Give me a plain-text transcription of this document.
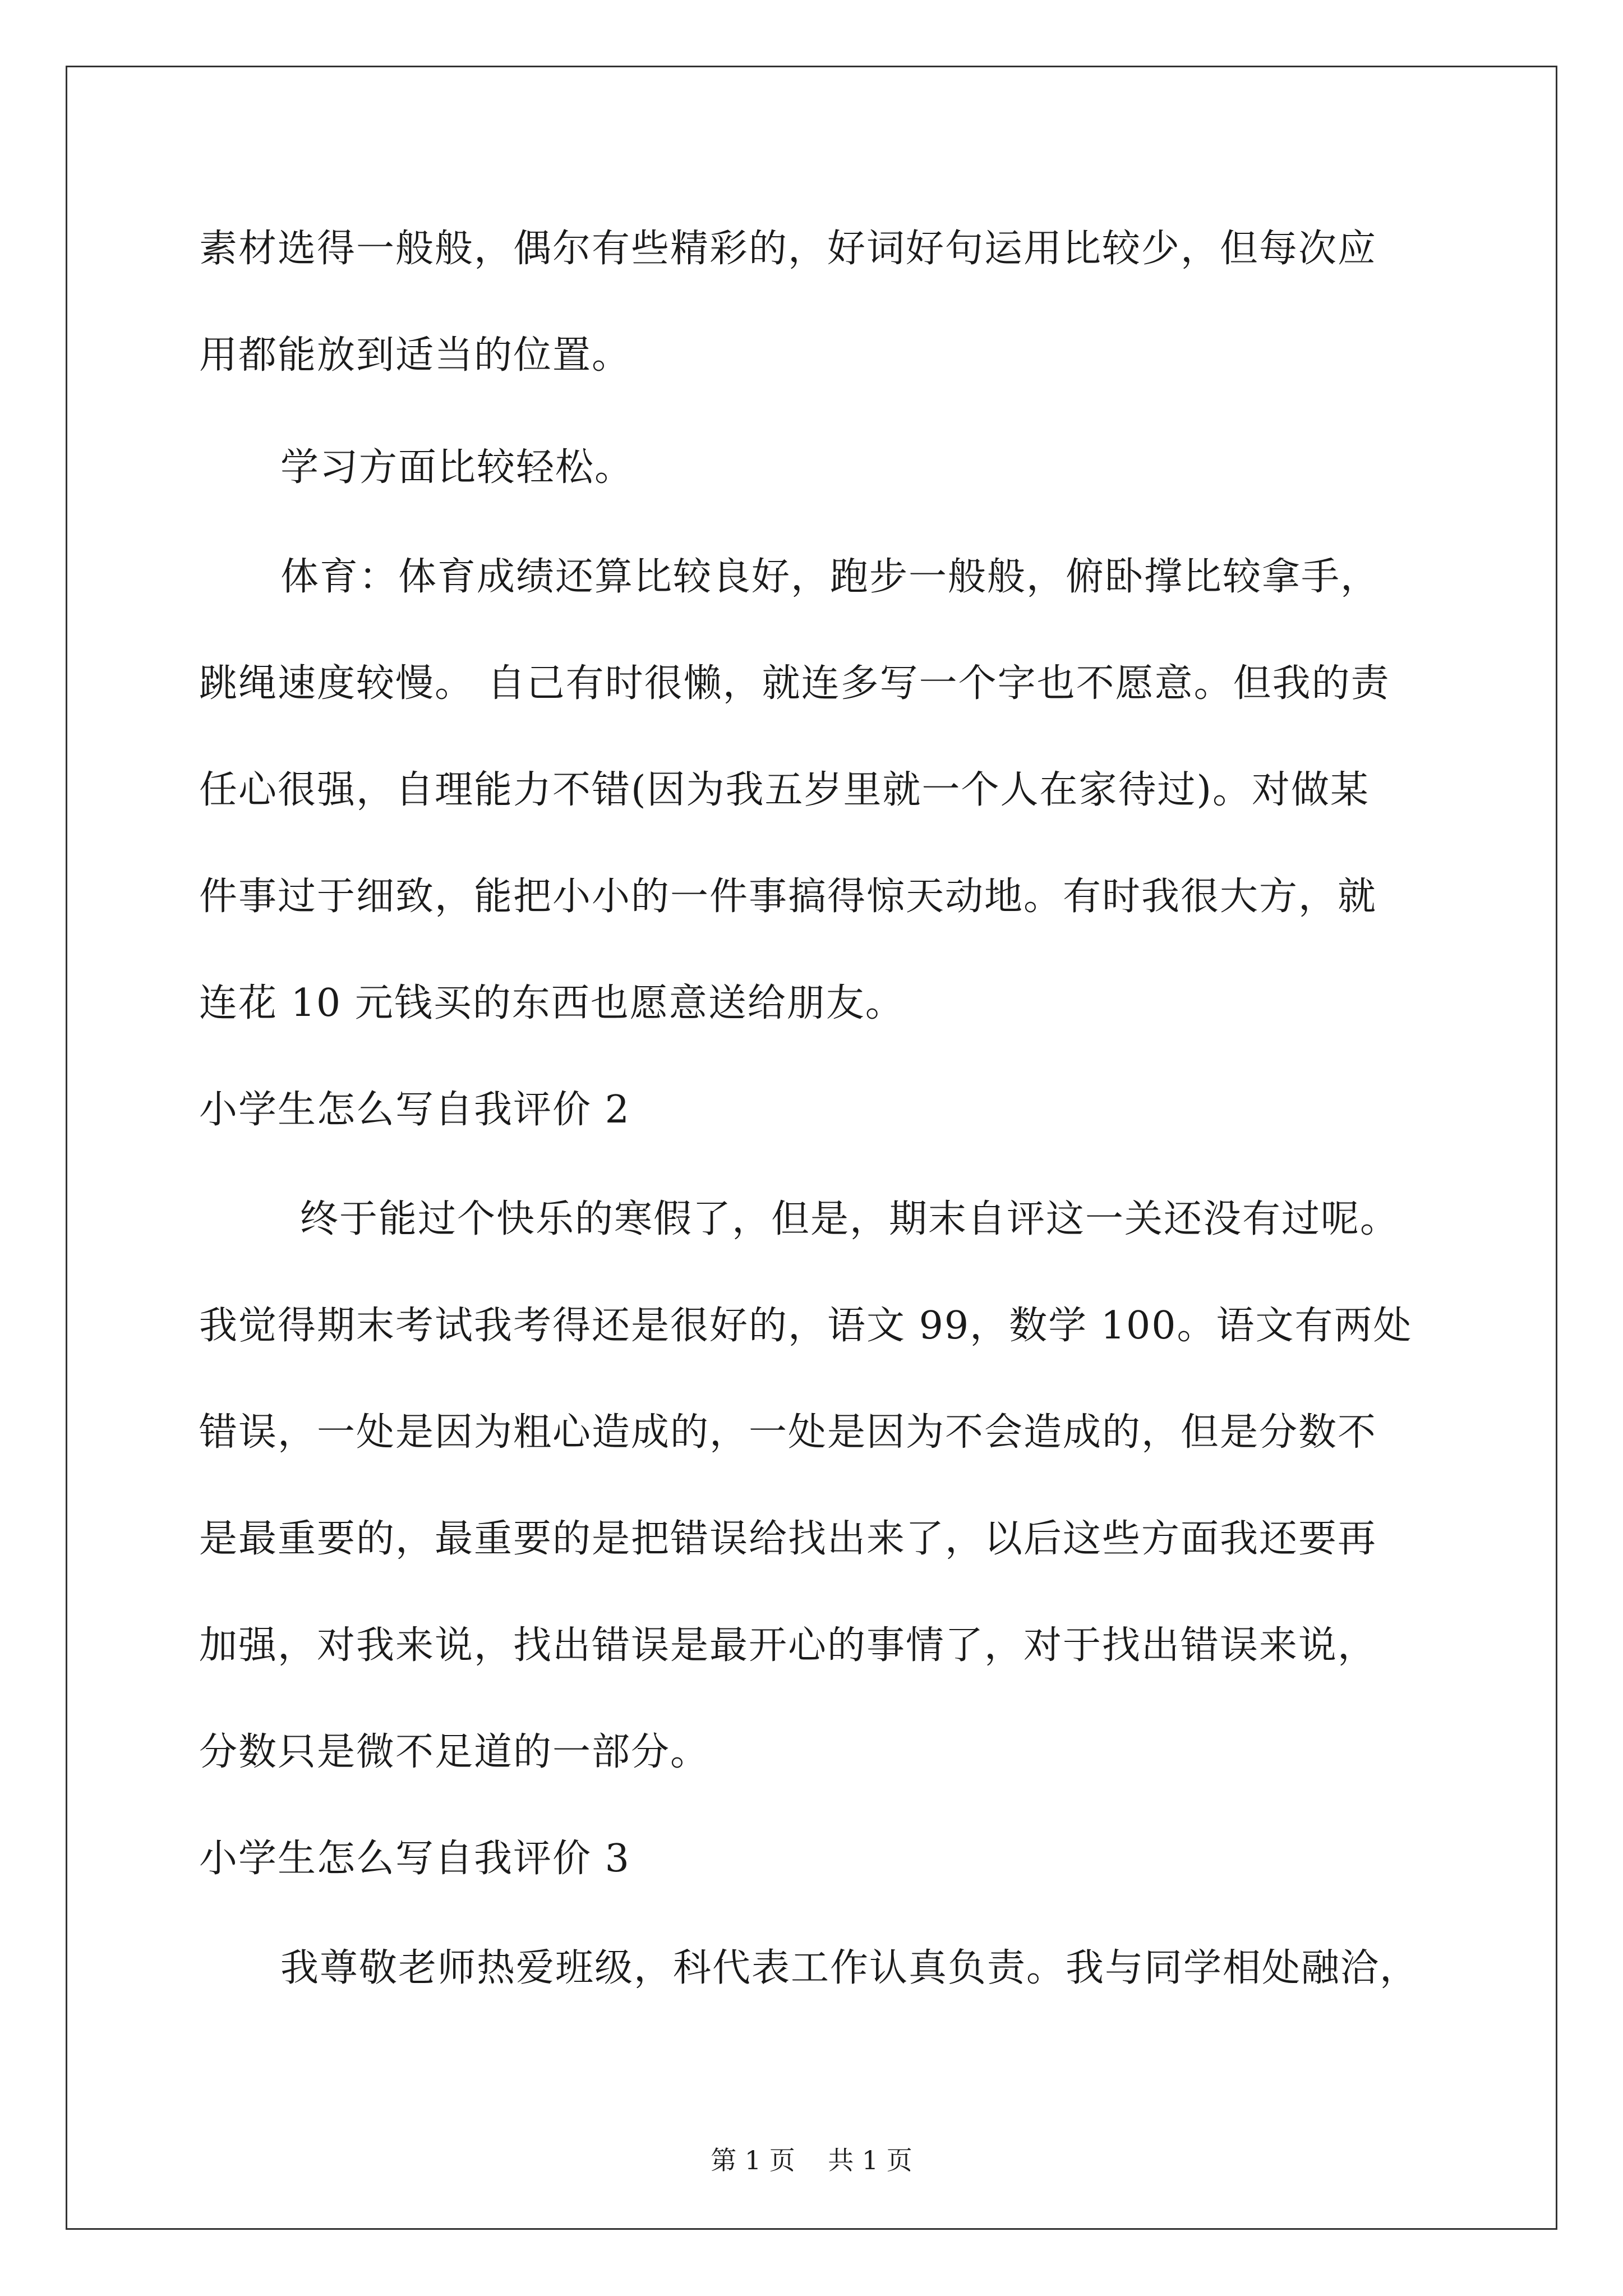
素材选得一般般，偶尔有些精彩的，好词好句运用比较少，但每次应
用都能放到适当的位置。
学习方面比较轻松。
体育：体育成绩还算比较良好，跑步一般般，俯卧撑比较拿手，
跳绳速度较慢。 自己有时很懒，就连多写一个字也不愿意。但我的责
任心很强，自理能力不错(因为我五岁里就一个人在家待过)。对做某
件事过于细致，能把小小的一件事搞得惊天动地。有时我很大方，就
连花 10 元钱买的东西也愿意送给朋友。
小学生怎么写自我评价 2
终于能过个快乐的寒假了，但是，期末自评这一关还没有过呢。
我觉得期末考试我考得还是很好的，语文 99，数学 100。语文有两处
错误，一处是因为粗心造成的，一处是因为不会造成的，但是分数不
是最重要的，最重要的是把错误给找出来了，以后这些方面我还要再
加强，对我来说，找出错误是最开心的事情了，对于找出错误来说，
分数只是微不足道的一部分。
小学生怎么写自我评价 3
我尊敬老师热爱班级，科代表工作认真负责。我与同学相处融洽，
第 1 页    共 1 页
